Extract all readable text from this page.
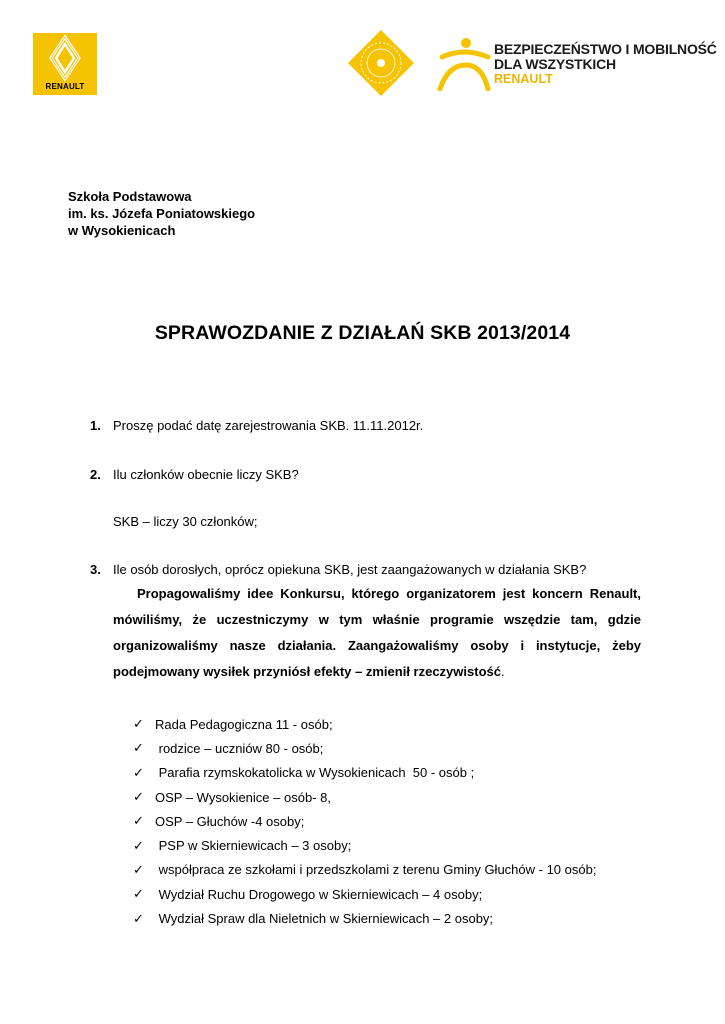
RENAULT
BEZPIECZEŃSTWO I MOBILNOŚĆ
DLA WSZYSTKICH
RENAULT
Szkoła Podstawowa
im. ks. Józefa Poniatowskiego
w Wysokienicach
SPRAWOZDANIE Z DZIAŁAŃ SKB 2013/2014
1. Proszę podać datę zarejestrowania SKB. 11.11.2012r.
2. Ilu członków obecnie liczy SKB?
SKB – liczy 30 członków;
3. Ile osób dorosłych, oprócz opiekuna SKB, jest zaangażowanych w działania SKB?
Propagowaliśmy idee Konkursu, którego organizatorem jest koncern Renault, mówiliśmy, że uczestniczymy w tym właśnie programie wszędzie tam, gdzie organizowaliśmy nasze działania. Zaangażowaliśmy osoby i instytucje, żeby podejmowany wysiłek przyniósł efekty – zmienił rzeczywistość.
✓ Rada Pedagogiczna 11 - osób;
✓ rodzice – uczniów 80 - osób;
✓ Parafia rzymskokatolicka w Wysokienicach  50 - osób ;
✓ OSP – Wysokienice – osób- 8,
✓ OSP – Głuchów -4 osoby;
✓ PSP w Skierniewicach – 3 osoby;
✓ współpraca ze szkołami i przedszkolami z terenu Gminy Głuchów - 10 osób;
✓ Wydział Ruchu Drogowego w Skierniewicach – 4 osoby;
✓ Wydział Spraw dla Nieletnich w Skierniewicach – 2 osoby;
